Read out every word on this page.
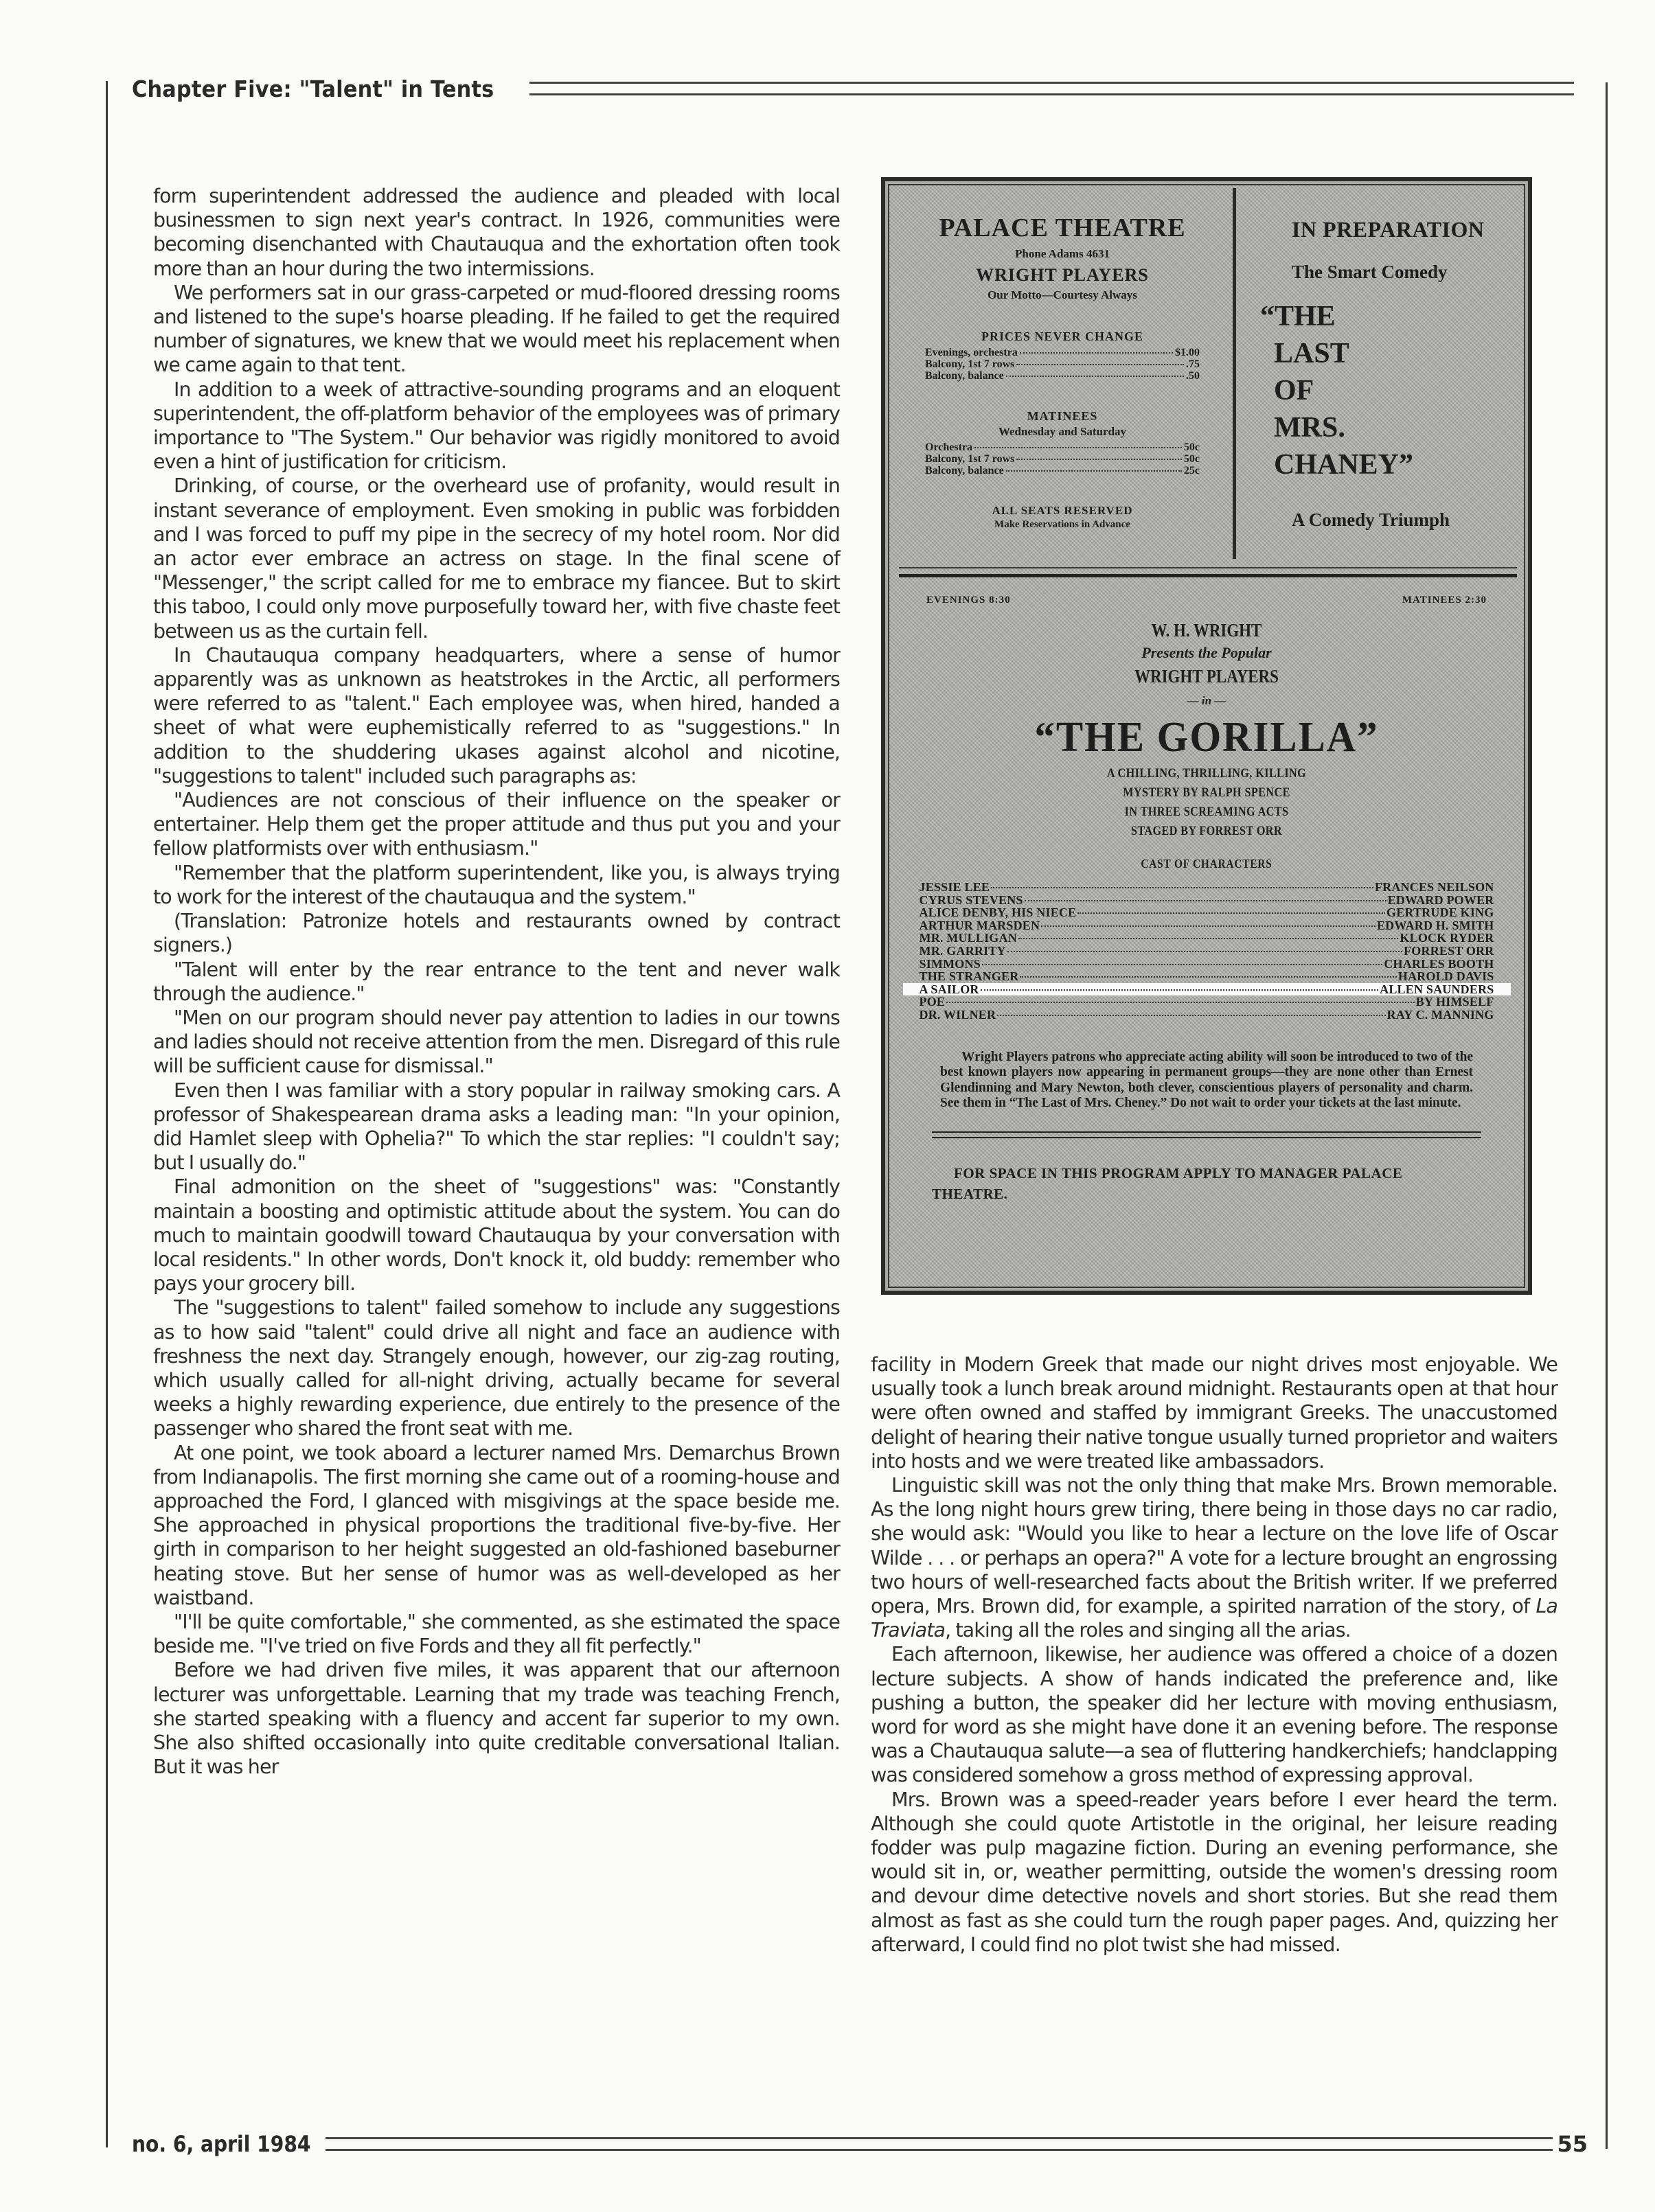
Chapter Five: "Talent" in Tents

form superintendent addressed the audience and pleaded with local businessmen to sign next year's contract. In 1926, communities were becoming disenchanted with Chautauqua and the exhortation often took more than an hour during the two intermissions.

We performers sat in our grass-carpeted or mud-floored dressing rooms and listened to the supe's hoarse pleading. If he failed to get the required number of signatures, we knew that we would meet his replacement when we came again to that tent.

In addition to a week of attractive-sounding programs and an eloquent superintendent, the off-platform behavior of the employees was of primary importance to "The System." Our behavior was rigidly monitored to avoid even a hint of justification for criticism.

Drinking, of course, or the overheard use of profanity, would result in instant severance of employment. Even smoking in public was forbidden and I was forced to puff my pipe in the secrecy of my hotel room. Nor did an actor ever embrace an actress on stage. In the final scene of "Messenger," the script called for me to embrace my fiancee. But to skirt this taboo, I could only move purposefully toward her, with five chaste feet between us as the curtain fell.

In Chautauqua company headquarters, where a sense of humor apparently was as unknown as heatstrokes in the Arctic, all performers were referred to as "talent." Each employee was, when hired, handed a sheet of what were euphemistically referred to as "suggestions." In addition to the shuddering ukases against alcohol and nicotine, "suggestions to talent" included such paragraphs as:

"Audiences are not conscious of their influence on the speaker or entertainer. Help them get the proper attitude and thus put you and your fellow platformists over with enthusiasm."

"Remember that the platform superintendent, like you, is always trying to work for the interest of the chautauqua and the system."

(Translation: Patronize hotels and restaurants owned by contract signers.)

"Talent will enter by the rear entrance to the tent and never walk through the audience."

"Men on our program should never pay attention to ladies in our towns and ladies should not receive attention from the men. Disregard of this rule will be sufficient cause for dismissal."

Even then I was familiar with a story popular in railway smoking cars. A professor of Shakespearean drama asks a leading man: "In your opinion, did Hamlet sleep with Ophelia?" To which the star replies: "I couldn't say; but I usually do."

Final admonition on the sheet of "suggestions" was: "Constantly maintain a boosting and optimistic attitude about the system. You can do much to maintain goodwill toward Chautauqua by your conversation with local residents." In other words, Don't knock it, old buddy: remember who pays your grocery bill.

The "suggestions to talent" failed somehow to include any suggestions as to how said "talent" could drive all night and face an audience with freshness the next day. Strangely enough, however, our zig-zag routing, which usually called for all-night driving, actually became for several weeks a highly rewarding experience, due entirely to the presence of the passenger who shared the front seat with me.

At one point, we took aboard a lecturer named Mrs. Demarchus Brown from Indianapolis. The first morning she came out of a rooming-house and approached the Ford, I glanced with misgivings at the space beside me. She approached in physical proportions the traditional five-by-five. Her girth in comparison to her height suggested an old-fashioned baseburner heating stove. But her sense of humor was as well-developed as her waistband.

"I'll be quite comfortable," she commented, as she estimated the space beside me. "I've tried on five Fords and they all fit perfectly."

Before we had driven five miles, it was apparent that our afternoon lecturer was unforgettable. Learning that my trade was teaching French, she started speaking with a fluency and accent far superior to my own. She also shifted occasionally into quite creditable conversational Italian. But it was her

PALACE THEATRE
Phone Adams 4631
WRIGHT PLAYERS
Our Motto—Courtesy Always
PRICES NEVER CHANGE
Evenings, orchestra	$1.00
Balcony, 1st 7 rows	.75
Balcony, balance	.50
MATINEES
Wednesday and Saturday
Orchestra	50c
Balcony, 1st 7 rows	50c
Balcony, balance	25c
ALL SEATS RESERVED
Make Reservations in Advance
IN PREPARATION
The Smart Comedy
“THE
LAST
OF
MRS.
CHANEY”
A Comedy Triumph
EVENINGS 8:30	MATINEES 2:30
W. H. WRIGHT
Presents the Popular
WRIGHT PLAYERS
— in —
“THE GORILLA”
A CHILLING, THRILLING, KILLING
MYSTERY BY RALPH SPENCE
IN THREE SCREAMING ACTS
STAGED BY FORREST ORR
CAST OF CHARACTERS
JESSIE LEE	FRANCES NEILSON
CYRUS STEVENS	EDWARD POWER
ALICE DENBY, HIS NIECE	GERTRUDE KING
ARTHUR MARSDEN	EDWARD H. SMITH
MR. MULLIGAN	KLOCK RYDER
MR. GARRITY	FORREST ORR
SIMMONS	CHARLES BOOTH
THE STRANGER	HAROLD DAVIS
A SAILOR	ALLEN SAUNDERS
POE	BY HIMSELF
DR. WILNER	RAY C. MANNING
Wright Players patrons who appreciate acting ability will soon be introduced to two of the best known players now appearing in permanent groups—they are none other than Ernest Glendinning and Mary Newton, both clever, conscientious players of personality and charm. See them in “The Last of Mrs. Cheney.” Do not wait to order your tickets at the last minute.
FOR SPACE IN THIS PROGRAM APPLY TO MANAGER PALACE THEATRE.

facility in Modern Greek that made our night drives most enjoyable. We usually took a lunch break around midnight. Restaurants open at that hour were often owned and staffed by immigrant Greeks. The unaccustomed delight of hearing their native tongue usually turned proprietor and waiters into hosts and we were treated like ambassadors.

Linguistic skill was not the only thing that make Mrs. Brown memorable. As the long night hours grew tiring, there being in those days no car radio, she would ask: "Would you like to hear a lecture on the love life of Oscar Wilde . . . or perhaps an opera?" A vote for a lecture brought an engrossing two hours of well-researched facts about the British writer. If we preferred opera, Mrs. Brown did, for example, a spirited narration of the story, of La Traviata, taking all the roles and singing all the arias.

Each afternoon, likewise, her audience was offered a choice of a dozen lecture subjects. A show of hands indicated the preference and, like pushing a button, the speaker did her lecture with moving enthusiasm, word for word as she might have done it an evening before. The response was a Chautauqua salute—a sea of fluttering handkerchiefs; handclapping was considered somehow a gross method of expressing approval.

Mrs. Brown was a speed-reader years before I ever heard the term. Although she could quote Artistotle in the original, her leisure reading fodder was pulp magazine fiction. During an evening performance, she would sit in, or, weather permitting, outside the women's dressing room and devour dime detective novels and short stories. But she read them almost as fast as she could turn the rough paper pages. And, quizzing her afterward, I could find no plot twist she had missed.

no. 6, april 1984	55
